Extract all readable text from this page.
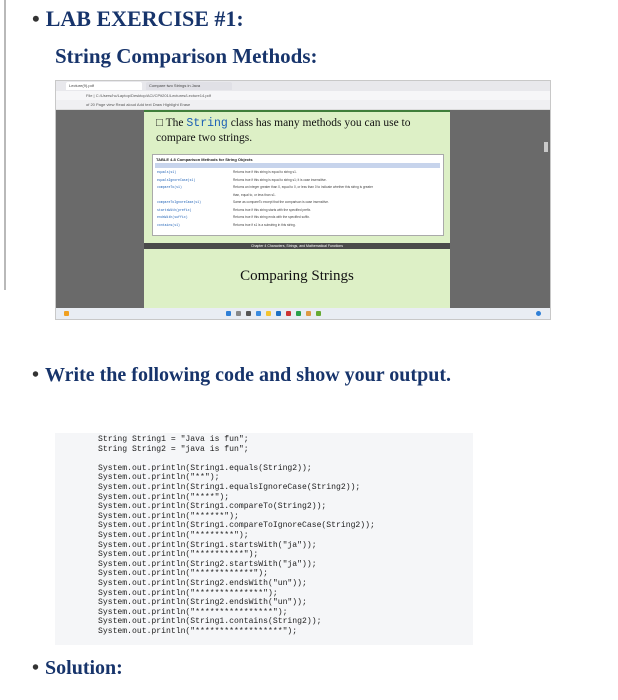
• LAB EXERCISE #1:
String Comparison Methods:
Lecture(9).pdf	Compare two Strings in Java
File | C:/Users/hc/Laptop/Desktop/ACI/CPit201/Lectures/Lecture14.pdf
of 20 Page view Read aloud Add text Draw Highlight Erase
□ The String class has many methods you can use to compare two strings.
TABLE 4.8 Comparison Methods for String Objects
equals(s1)	Returns true if this string is equal to string s1.
equalsIgnoreCase(s1)	Returns true if this string is equal to string s1; it is case insensitive.
compareTo(s1)	Returns an integer greater than 0, equal to 0, or less than 0 to indicate whether this string is greater
than, equal to, or less than s1.
compareToIgnoreCase(s1)	Same as compareTo except that the comparison is case insensitive.
startsWith(prefix)	Returns true if this string starts with the specified prefix.
endsWith(suffix)	Returns true if this string ends with the specified suffix.
contains(s1)	Returns true if s1 is a substring in this string.
Chapter 4 Characters, Strings, and Mathematical Functions
Comparing Strings
• Write the following code and show your output.
String String1 = "Java is fun";
String String2 = "java is fun";
System.out.println(String1.equals(String2));
System.out.println("**");
System.out.println(String1.equalsIgnoreCase(String2));
System.out.println("****");
System.out.println(String1.compareTo(String2));
System.out.println("******");
System.out.println(String1.compareToIgnoreCase(String2));
System.out.println("********");
System.out.println(String1.startsWith("ja"));
System.out.println("**********");
System.out.println(String2.startsWith("ja"));
System.out.println("************");
System.out.println(String2.endsWith("un"));
System.out.println("**************");
System.out.println(String2.endsWith("un"));
System.out.println("****************");
System.out.println(String1.contains(String2));
System.out.println("******************");
• Solution:
